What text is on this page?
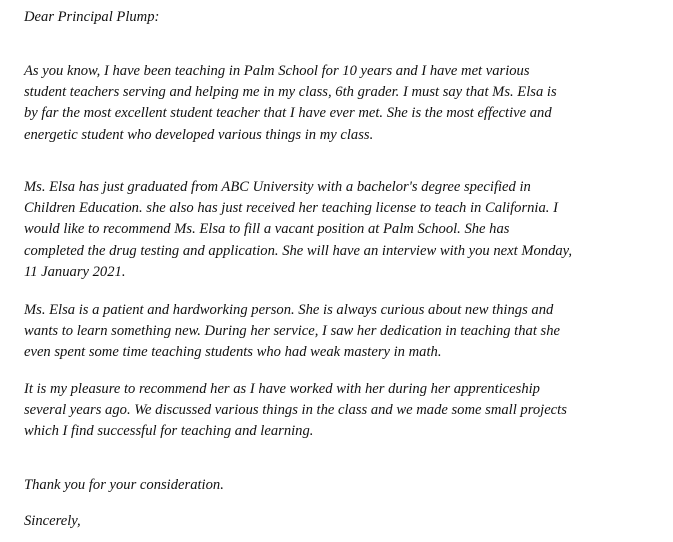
Dear Principal Plump:

As you know, I have been teaching in Palm School for 10 years and I have met various
student teachers serving and helping me in my class, 6th grader. I must say that Ms. Elsa is
by far the most excellent student teacher that I have ever met. She is the most effective and
energetic student who developed various things in my class.

Ms. Elsa has just graduated from ABC University with a bachelor's degree specified in
Children Education. she also has just received her teaching license to teach in California. I
would like to recommend Ms. Elsa to fill a vacant position at Palm School. She has
completed the drug testing and application. She will have an interview with you next Monday,
11 January 2021.

Ms. Elsa is a patient and hardworking person. She is always curious about new things and
wants to learn something new. During her service, I saw her dedication in teaching that she
even spent some time teaching students who had weak mastery in math.

It is my pleasure to recommend her as I have worked with her during her apprenticeship
several years ago. We discussed various things in the class and we made some small projects
which I find successful for teaching and learning.

Thank you for your consideration.

Sincerely,
